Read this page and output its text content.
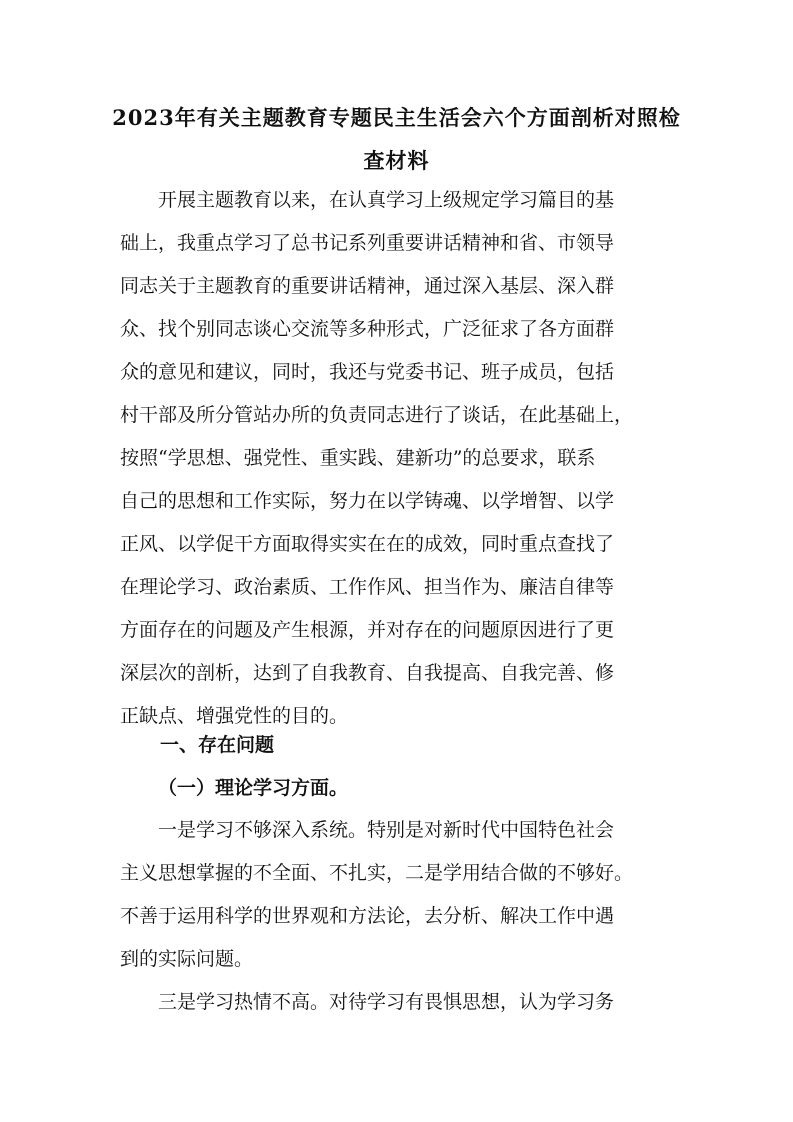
2023年有关主题教育专题民主生活会六个方面剖析对照检
查材料
开展主题教育以来，在认真学习上级规定学习篇目的基
础上，我重点学习了总书记系列重要讲话精神和省、市领导
同志关于主题教育的重要讲话精神，通过深入基层、深入群
众、找个别同志谈心交流等多种形式，广泛征求了各方面群
众的意见和建议，同时，我还与党委书记、班子成员，包括
村干部及所分管站办所的负责同志进行了谈话，在此基础上，
按照“学思想、强党性、重实践、建新功”的总要求，联系
自己的思想和工作实际，努力在以学铸魂、以学增智、以学
正风、以学促干方面取得实实在在的成效，同时重点查找了
在理论学习、政治素质、工作作风、担当作为、廉洁自律等
方面存在的问题及产生根源，并对存在的问题原因进行了更
深层次的剖析，达到了自我教育、自我提高、自我完善、修
正缺点、增强党性的目的。
一、存在问题
（一）理论学习方面。
一是学习不够深入系统。特别是对新时代中国特色社会
主义思想掌握的不全面、不扎实，二是学用结合做的不够好。
不善于运用科学的世界观和方法论，去分析、解决工作中遇
到的实际问题。
三是学习热情不高。对待学习有畏惧思想，认为学习务
